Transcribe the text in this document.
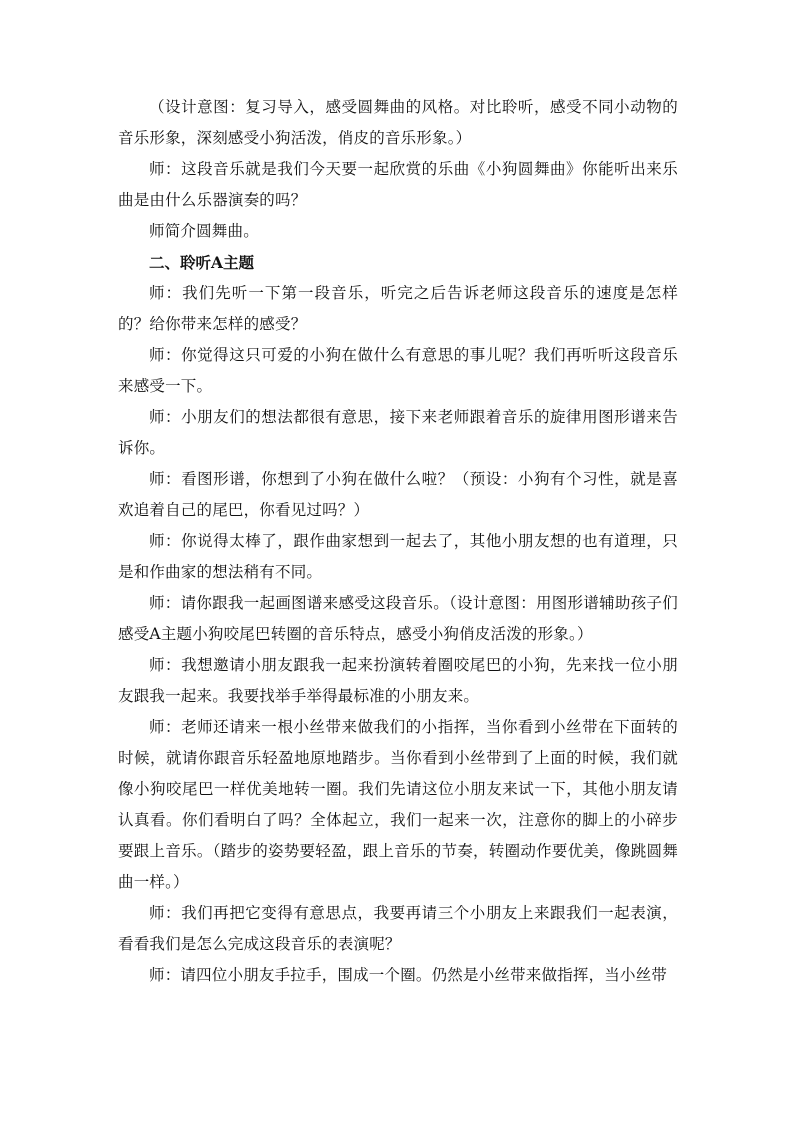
（设计意图：复习导入，感受圆舞曲的风格。对比聆听，感受不同小动物的音乐形象，深刻感受小狗活泼，俏皮的音乐形象。）

师：这段音乐就是我们今天要一起欣赏的乐曲《小狗圆舞曲》你能听出来乐曲是由什么乐器演奏的吗？

师简介圆舞曲。

二、聆听A主题

师：我们先听一下第一段音乐，听完之后告诉老师这段音乐的速度是怎样的？给你带来怎样的感受？

师：你觉得这只可爱的小狗在做什么有意思的事儿呢？我们再听听这段音乐来感受一下。

师：小朋友们的想法都很有意思，接下来老师跟着音乐的旋律用图形谱来告诉你。

师：看图形谱，你想到了小狗在做什么啦？（预设：小狗有个习性，就是喜欢追着自己的尾巴，你看见过吗？）

师：你说得太棒了，跟作曲家想到一起去了，其他小朋友想的也有道理，只是和作曲家的想法稍有不同。

师：请你跟我一起画图谱来感受这段音乐。（设计意图：用图形谱辅助孩子们感受A主题小狗咬尾巴转圈的音乐特点，感受小狗俏皮活泼的形象。）

师：我想邀请小朋友跟我一起来扮演转着圈咬尾巴的小狗，先来找一位小朋友跟我一起来。我要找举手举得最标准的小朋友来。

师：老师还请来一根小丝带来做我们的小指挥，当你看到小丝带在下面转的时候，就请你跟音乐轻盈地原地踏步。当你看到小丝带到了上面的时候，我们就像小狗咬尾巴一样优美地转一圈。我们先请这位小朋友来试一下，其他小朋友请认真看。你们看明白了吗？全体起立，我们一起来一次，注意你的脚上的小碎步要跟上音乐。（踏步的姿势要轻盈，跟上音乐的节奏，转圈动作要优美，像跳圆舞曲一样。）

师：我们再把它变得有意思点，我要再请三个小朋友上来跟我们一起表演，看看我们是怎么完成这段音乐的表演呢？

师：请四位小朋友手拉手，围成一个圈。仍然是小丝带来做指挥，当小丝带
